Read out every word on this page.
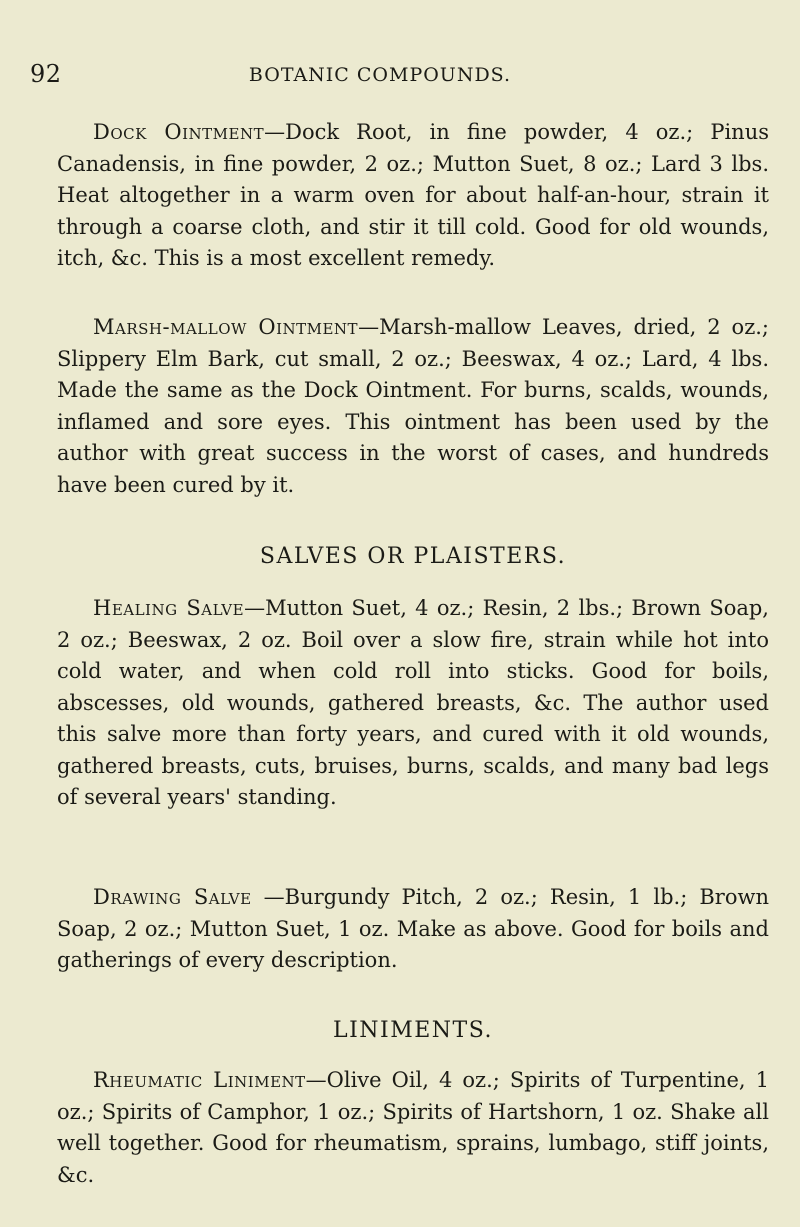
92	BOTANIC COMPOUNDS.

Dock Ointment—Dock Root, in fine powder, 4 oz.; Pinus Canadensis, in fine powder, 2 oz.; Mutton Suet, 8 oz.; Lard 3 lbs. Heat altogether in a warm oven for about half-an-hour, strain it through a coarse cloth, and stir it till cold. Good for old wounds, itch, &c. This is a most excellent remedy.

Marsh-mallow Ointment—Marsh-mallow Leaves, dried, 2 oz.; Slippery Elm Bark, cut small, 2 oz.; Beeswax, 4 oz.; Lard, 4 lbs. Made the same as the Dock Ointment. For burns, scalds, wounds, inflamed and sore eyes. This ointment has been used by the author with great success in the worst of cases, and hundreds have been cured by it.

SALVES OR PLAISTERS.

Healing Salve—Mutton Suet, 4 oz.; Resin, 2 lbs.; Brown Soap, 2 oz.; Beeswax, 2 oz. Boil over a slow fire, strain while hot into cold water, and when cold roll into sticks. Good for boils, abscesses, old wounds, gathered breasts, &c. The author used this salve more than forty years, and cured with it old wounds, gathered breasts, cuts, bruises, burns, scalds, and many bad legs of several years' standing.

Drawing Salve —Burgundy Pitch, 2 oz.; Resin, 1 lb.; Brown Soap, 2 oz.; Mutton Suet, 1 oz. Make as above. Good for boils and gatherings of every description.

LINIMENTS.

Rheumatic Liniment—Olive Oil, 4 oz.; Spirits of Turpentine, 1 oz.; Spirits of Camphor, 1 oz.; Spirits of Hartshorn, 1 oz. Shake all well together. Good for rheumatism, sprains, lumbago, stiff joints, &c.
